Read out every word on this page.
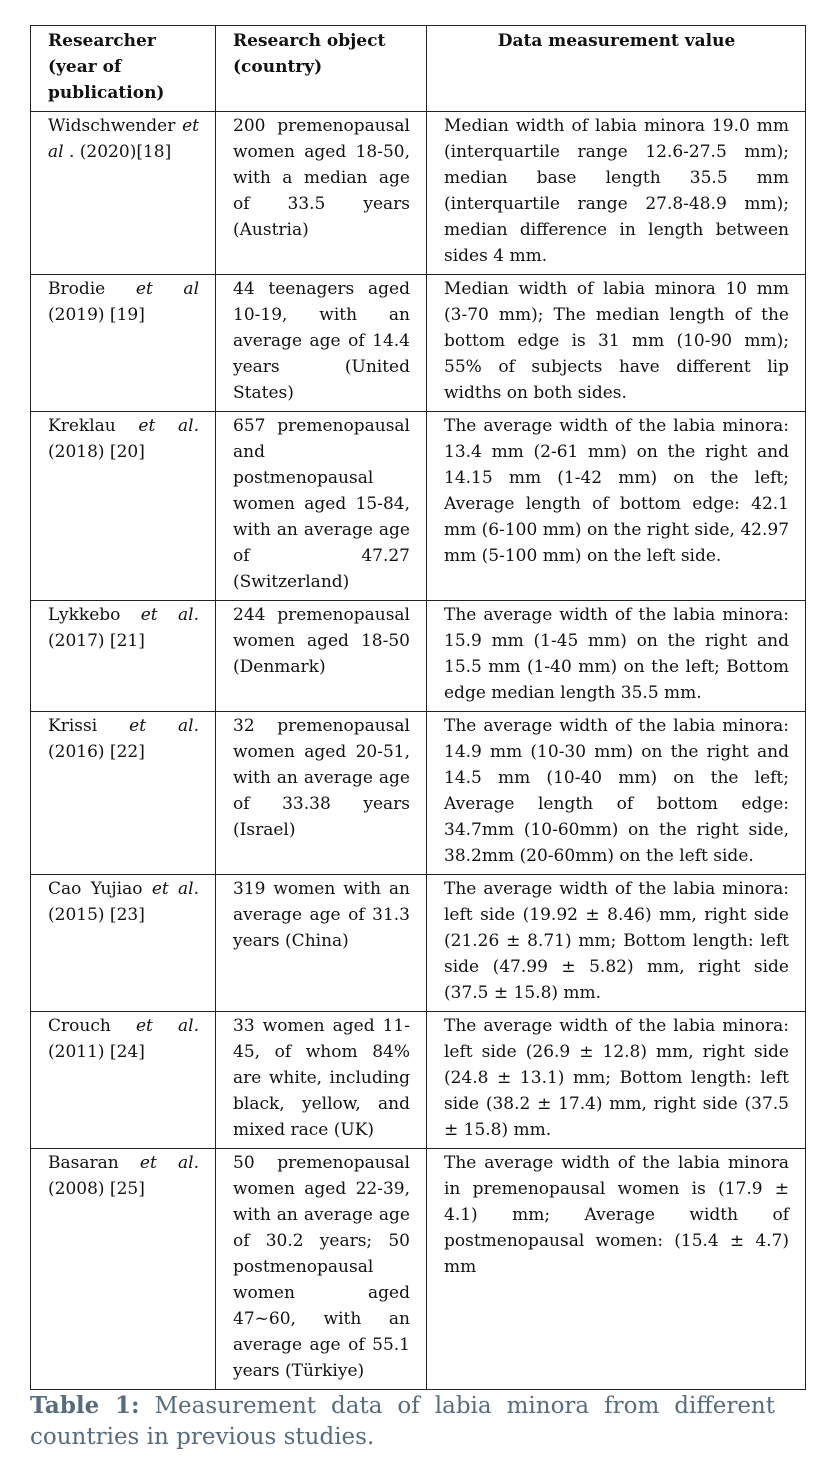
Researcher (year of publication)	Research object (country)	Data measurement value
Widschwender et al . (2020)[18]	200 premenopausal women aged 18-50, with a median age of 33.5 years (Austria)	Median width of labia minora 19.0 mm (interquartile range 12.6-27.5 mm); median base length 35.5 mm (interquartile range 27.8-48.9 mm); median difference in length between sides 4 mm.
Brodie et al (2019) [19]	44 teenagers aged 10-19, with an average age of 14.4 years (United States)	Median width of labia minora 10 mm (3-70 mm); The median length of the bottom edge is 31 mm (10-90 mm); 55% of subjects have different lip widths on both sides.
Kreklau et al. (2018) [20]	657 premenopausal and postmenopausal women aged 15-84, with an average age of 47.27 (Switzerland)	The average width of the labia minora: 13.4 mm (2-61 mm) on the right and 14.15 mm (1-42 mm) on the left; Average length of bottom edge: 42.1 mm (6-100 mm) on the right side, 42.97 mm (5-100 mm) on the left side.
Lykkebo et al. (2017) [21]	244 premenopausal women aged 18-50 (Denmark)	The average width of the labia minora: 15.9 mm (1-45 mm) on the right and 15.5 mm (1-40 mm) on the left; Bottom edge median length 35.5 mm.
Krissi et al. (2016) [22]	32 premenopausal women aged 20-51, with an average age of 33.38 years (Israel)	The average width of the labia minora: 14.9 mm (10-30 mm) on the right and 14.5 mm (10-40 mm) on the left; Average length of bottom edge: 34.7mm (10-60mm) on the right side, 38.2mm (20-60mm) on the left side.
Cao Yujiao et al. (2015) [23]	319 women with an average age of 31.3 years (China)	The average width of the labia minora: left side (19.92 ± 8.46) mm, right side (21.26 ± 8.71) mm; Bottom length: left side (47.99 ± 5.82) mm, right side (37.5 ± 15.8) mm.
Crouch et al. (2011) [24]	33 women aged 11-45, of whom 84% are white, including black, yellow, and mixed race (UK)	The average width of the labia minora: left side (26.9 ± 12.8) mm, right side (24.8 ± 13.1) mm; Bottom length: left side (38.2 ± 17.4) mm, right side (37.5 ± 15.8) mm.
Basaran et al. (2008) [25]	50 premenopausal women aged 22-39, with an average age of 30.2 years; 50 postmenopausal women aged 47~60, with an average age of 55.1 years (Türkiye)	The average width of the labia minora in premenopausal women is (17.9 ± 4.1) mm; Average width of postmenopausal women: (15.4 ± 4.7) mm
Table 1: Measurement data of labia minora from different countries in previous studies.
